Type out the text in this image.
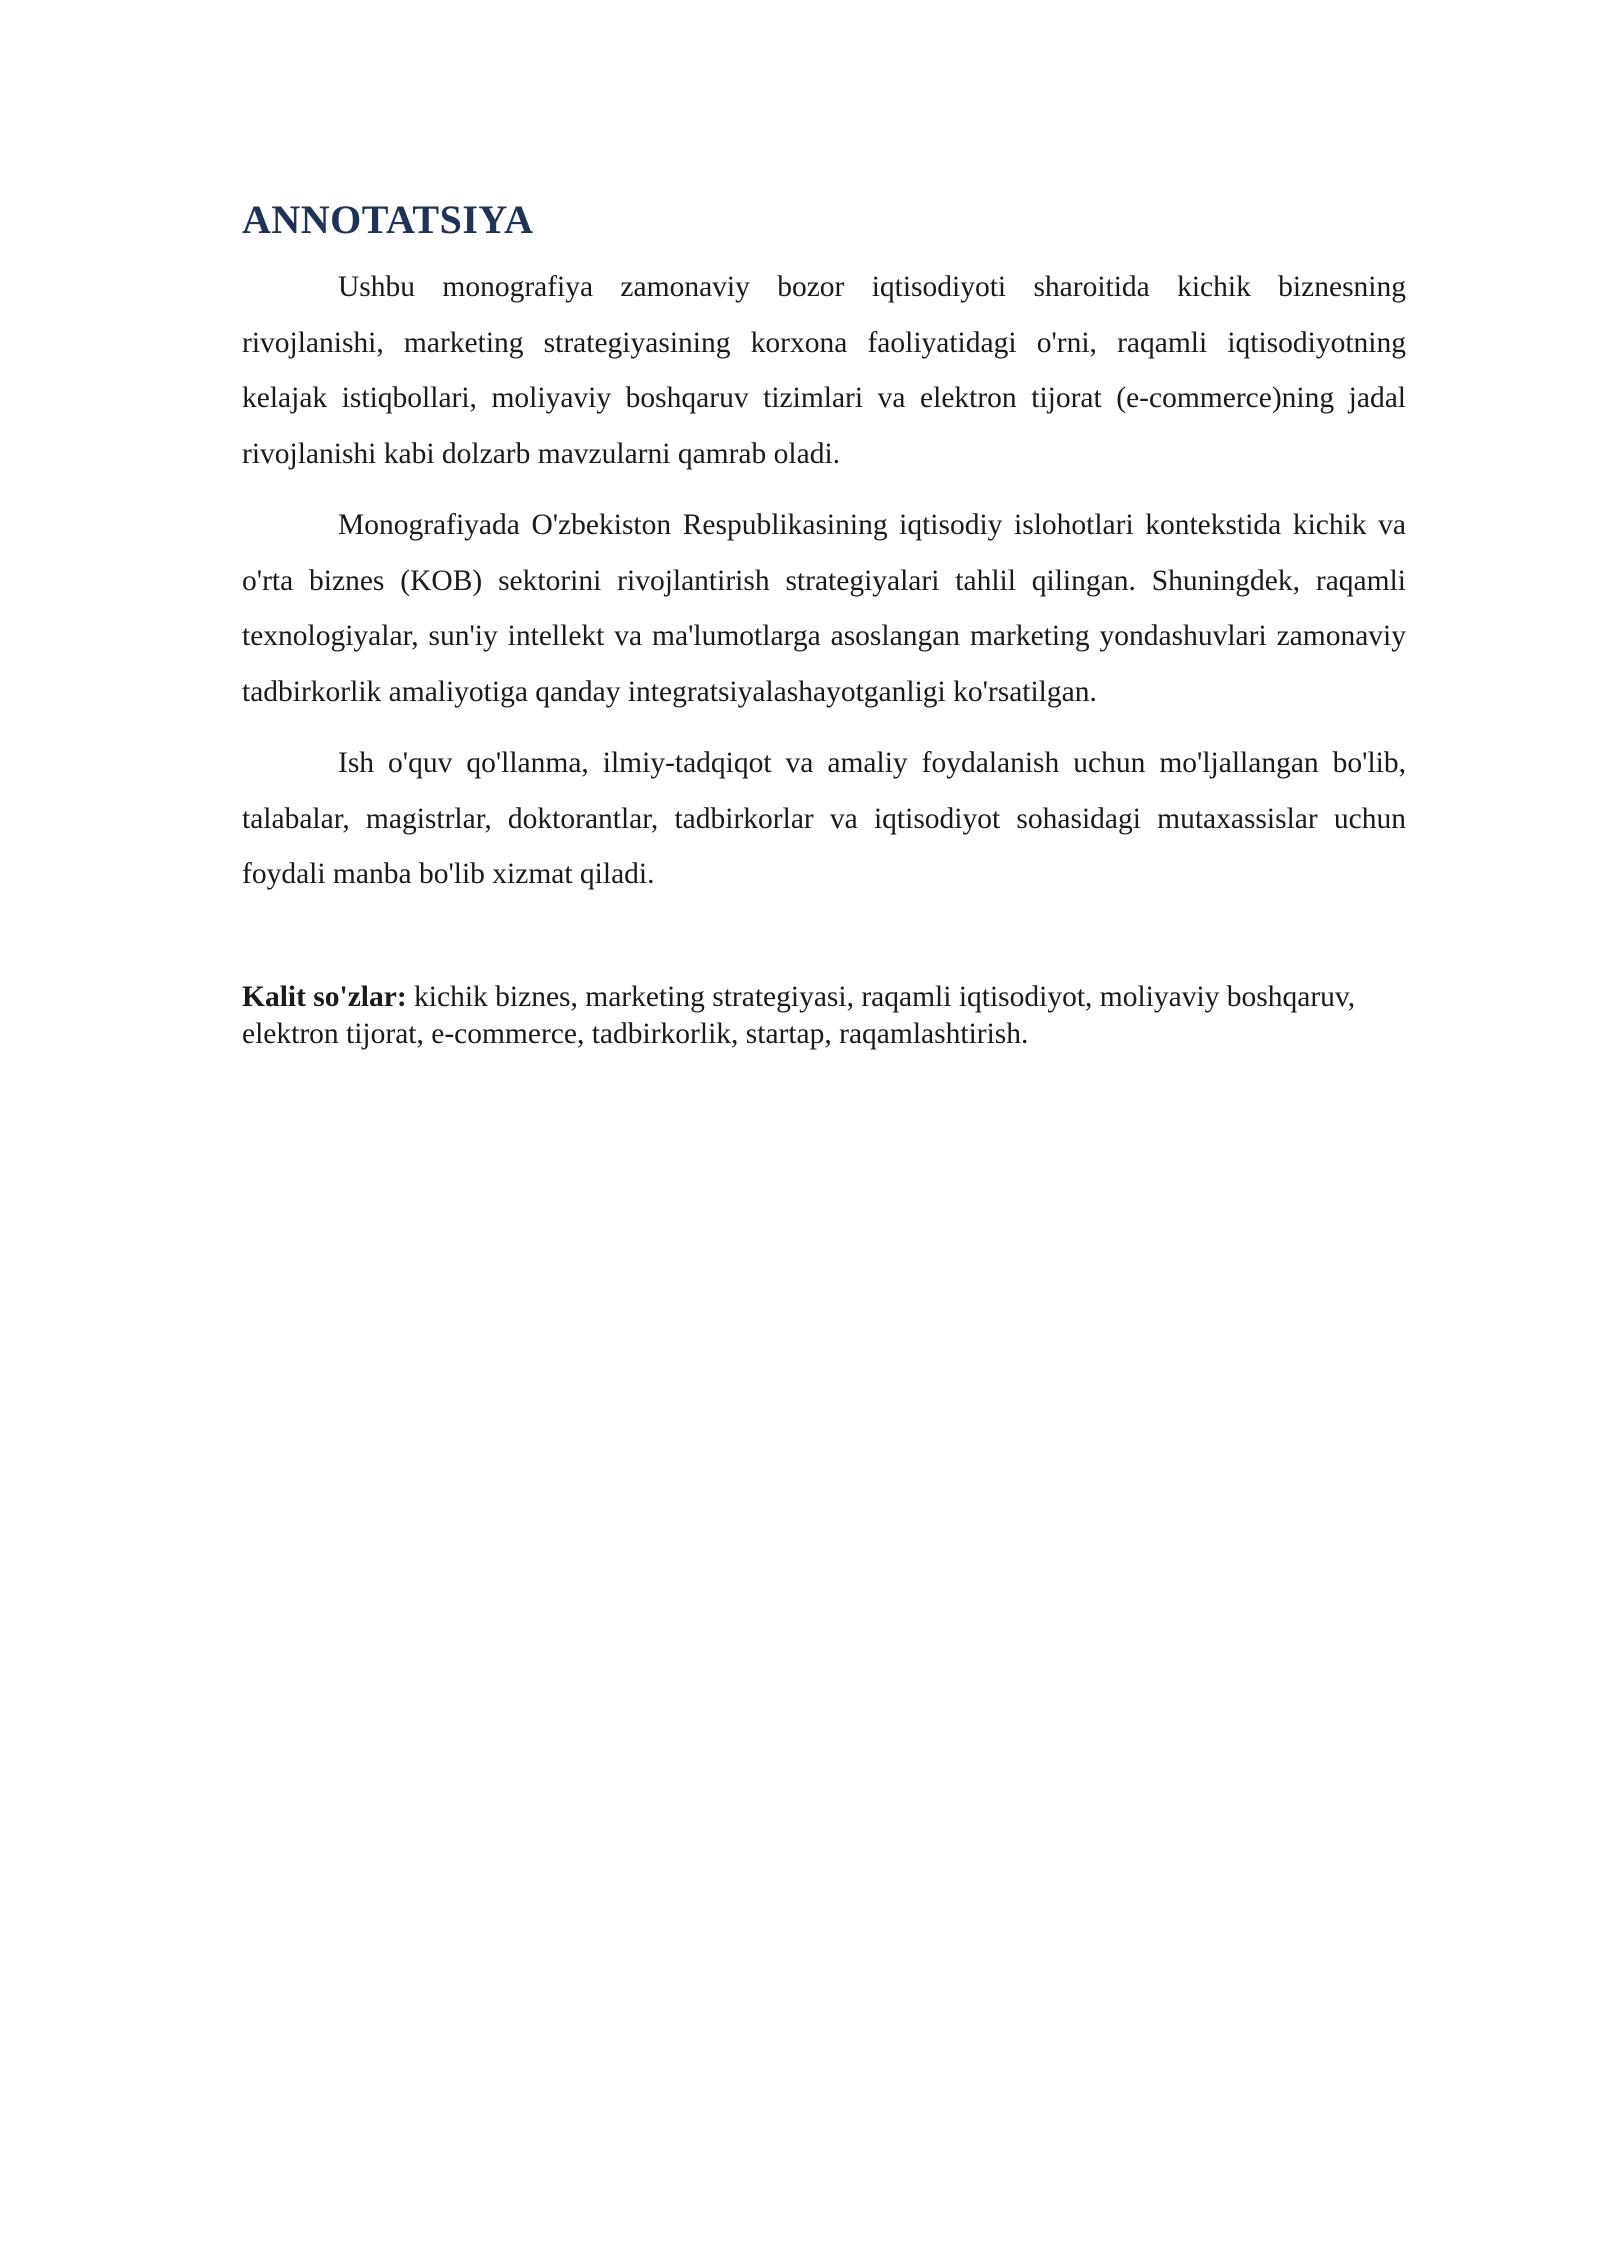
ANNOTATSIYA

Ushbu monografiya zamonaviy bozor iqtisodiyoti sharoitida kichik biznesning rivojlanishi, marketing strategiyasining korxona faoliyatidagi o'rni, raqamli iqtisodiyotning kelajak istiqbollari, moliyaviy boshqaruv tizimlari va elektron tijorat (e-commerce)ning jadal rivojlanishi kabi dolzarb mavzularni qamrab oladi.

Monografiyada O'zbekiston Respublikasining iqtisodiy islohotlari kontekstida kichik va o'rta biznes (KOB) sektorini rivojlantirish strategiyalari tahlil qilingan. Shuningdek, raqamli texnologiyalar, sun'iy intellekt va ma'lumotlarga asoslangan marketing yondashuvlari zamonaviy tadbirkorlik amaliyotiga qanday integratsiyalashayotganligi ko'rsatilgan.

Ish o'quv qo'llanma, ilmiy-tadqiqot va amaliy foydalanish uchun mo'ljallangan bo'lib, talabalar, magistrlar, doktorantlar, tadbirkorlar va iqtisodiyot sohasidagi mutaxassislar uchun foydali manba bo'lib xizmat qiladi.

Kalit so'zlar: kichik biznes, marketing strategiyasi, raqamli iqtisodiyot, moliyaviy boshqaruv, elektron tijorat, e-commerce, tadbirkorlik, startap, raqamlashtirish.
